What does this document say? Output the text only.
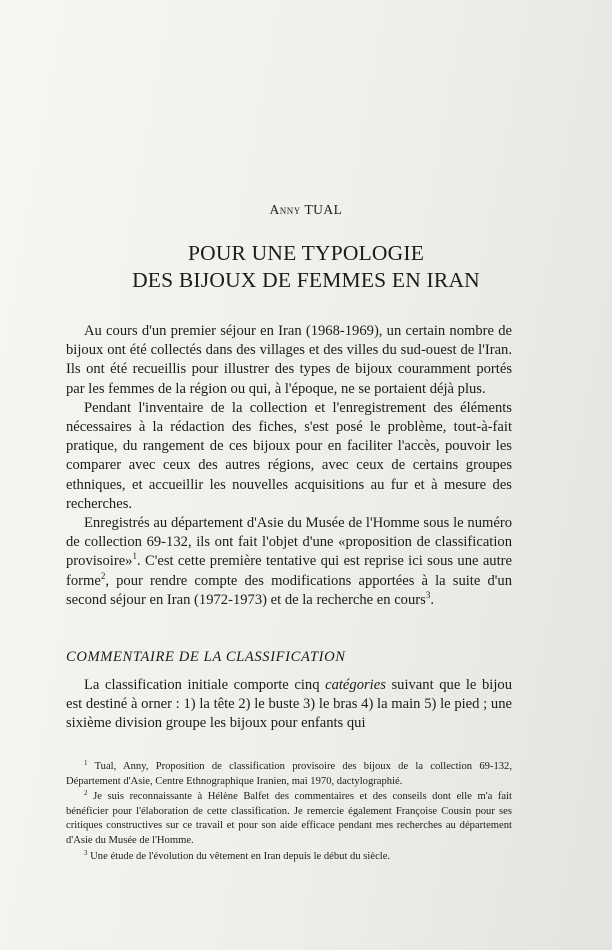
Anny TUAL
POUR UNE TYPOLOGIE
DES BIJOUX DE FEMMES EN IRAN

Au cours d'un premier séjour en Iran (1968-1969), un certain nombre de bijoux ont été collectés dans des villages et des villes du sud-ouest de l'Iran. Ils ont été recueillis pour illustrer des types de bijoux couramment portés par les femmes de la région ou qui, à l'époque, ne se portaient déjà plus.

Pendant l'inventaire de la collection et l'enregistrement des éléments nécessaires à la rédaction des fiches, s'est posé le problème, tout-à-fait pratique, du rangement de ces bijoux pour en faciliter l'accès, pouvoir les comparer avec ceux des autres régions, avec ceux de certains groupes ethniques, et accueillir les nouvelles acquisitions au fur et à mesure des recherches.

Enregistrés au département d'Asie du Musée de l'Homme sous le numéro de collection 69-132, ils ont fait l'objet d'une «proposition de classification provisoire»$^1$. C'est cette première tentative qui est reprise ici sous une autre forme$^2$, pour rendre compte des modifications apportées à la suite d'un second séjour en Iran (1972-1973) et de la recherche en cours$^3$.

COMMENTAIRE DE LA CLASSIFICATION

La classification initiale comporte cinq catégories suivant que le bijou est destiné à orner : 1) la tête 2) le buste 3) le bras 4) la main 5) le pied ; une sixième division groupe les bijoux pour enfants qui

$^1$ Tual, Anny, Proposition de classification provisoire des bijoux de la collection 69-132, Département d'Asie, Centre Ethnographique Iranien, mai 1970, dactylographié.

$^2$ Je suis reconnaissante à Hélène Balfet des commentaires et des conseils dont elle m'a fait bénéficier pour l'élaboration de cette classification. Je remercie également Françoise Cousin pour ses critiques constructives sur ce travail et pour son aide efficace pendant mes recherches au département d'Asie du Musée de l'Homme.

$^3$ Une étude de l'évolution du vêtement en Iran depuis le début du siècle.
